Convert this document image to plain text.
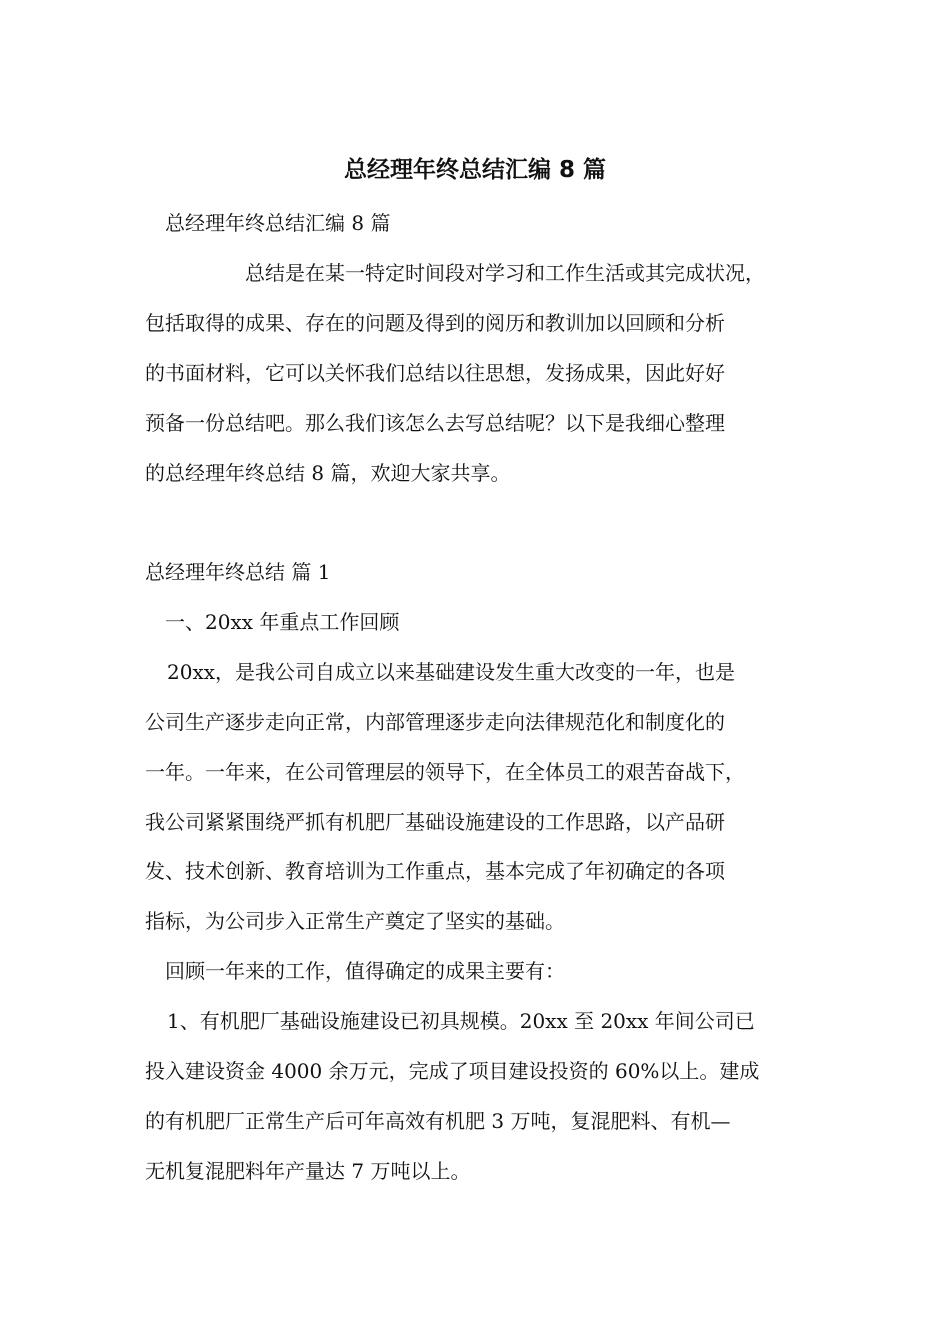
总经理年终总结汇编 8 篇
总经理年终总结汇编 8 篇
总结是在某一特定时间段对学习和工作生活或其完成状况，
包括取得的成果、存在的问题及得到的阅历和教训加以回顾和分析
的书面材料，它可以关怀我们总结以往思想，发扬成果，因此好好
预备一份总结吧。那么我们该怎么去写总结呢？以下是我细心整理
的总经理年终总结 8 篇，欢迎大家共享。
总经理年终总结 篇 1
一、20xx 年重点工作回顾
20xx，是我公司自成立以来基础建设发生重大改变的一年，也是
公司生产逐步走向正常，内部管理逐步走向法律规范化和制度化的
一年。一年来，在公司管理层的领导下，在全体员工的艰苦奋战下，
我公司紧紧围绕严抓有机肥厂基础设施建设的工作思路，以产品研
发、技术创新、教育培训为工作重点，基本完成了年初确定的各项
指标，为公司步入正常生产奠定了坚实的基础。
回顾一年来的工作，值得确定的成果主要有：
1、有机肥厂基础设施建设已初具规模。20xx 至 20xx 年间公司已
投入建设资金 4000 余万元，完成了项目建设投资的 60%以上。建成
的有机肥厂正常生产后可年高效有机肥 3 万吨，复混肥料、有机—
无机复混肥料年产量达 7 万吨以上。
